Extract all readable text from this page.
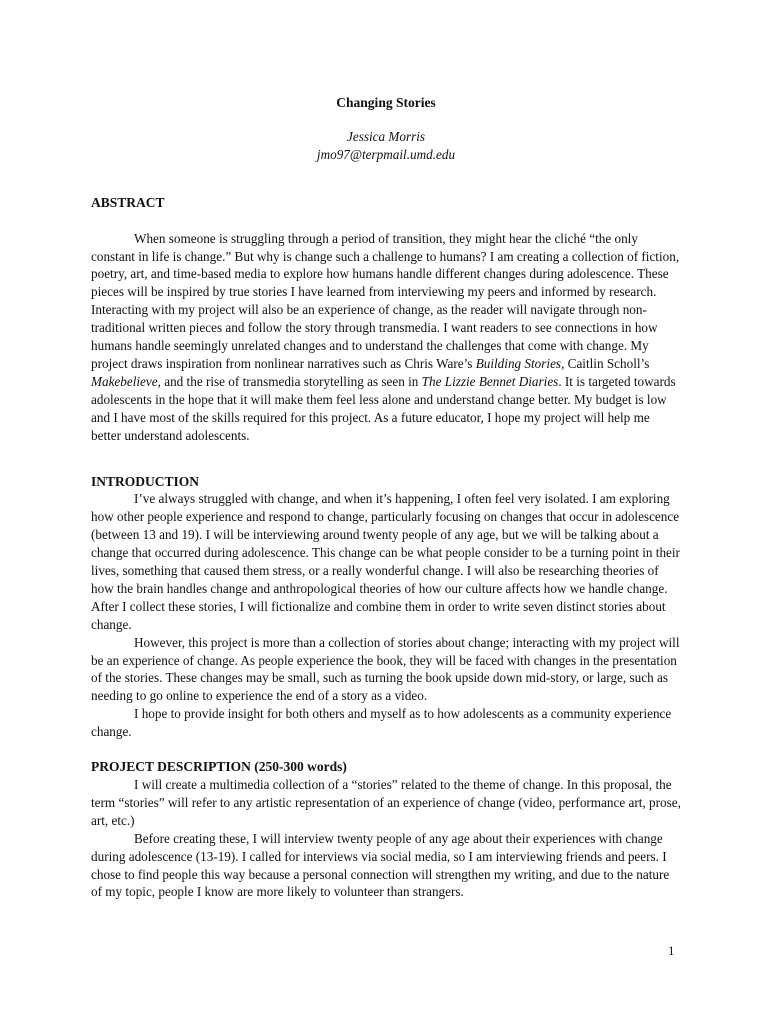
Changing Stories

Jessica Morris

jmo97@terpmail.umd.edu

ABSTRACT

When someone is struggling through a period of transition, they might hear the cliché “the only constant in life is change.” But why is change such a challenge to humans? I am creating a collection of fiction, poetry, art, and time-based media to explore how humans handle different changes during adolescence. These pieces will be inspired by true stories I have learned from interviewing my peers and informed by research. Interacting with my project will also be an experience of change, as the reader will navigate through non-traditional written pieces and follow the story through transmedia. I want readers to see connections in how humans handle seemingly unrelated changes and to understand the challenges that come with change. My project draws inspiration from nonlinear narratives such as Chris Ware’s Building Stories, Caitlin Scholl’s Makebelieve, and the rise of transmedia storytelling as seen in The Lizzie Bennet Diaries. It is targeted towards adolescents in the hope that it will make them feel less alone and understand change better. My budget is low and I have most of the skills required for this project. As a future educator, I hope my project will help me better understand adolescents.

INTRODUCTION

I’ve always struggled with change, and when it’s happening, I often feel very isolated. I am exploring how other people experience and respond to change, particularly focusing on changes that occur in adolescence (between 13 and 19). I will be interviewing around twenty people of any age, but we will be talking about a change that occurred during adolescence. This change can be what people consider to be a turning point in their lives, something that caused them stress, or a really wonderful change. I will also be researching theories of how the brain handles change and anthropological theories of how our culture affects how we handle change. After I collect these stories, I will fictionalize and combine them in order to write seven distinct stories about change.

However, this project is more than a collection of stories about change; interacting with my project will be an experience of change. As people experience the book, they will be faced with changes in the presentation of the stories. These changes may be small, such as turning the book upside down mid-story, or large, such as needing to go online to experience the end of a story as a video.

I hope to provide insight for both others and myself as to how adolescents as a community experience change.

PROJECT DESCRIPTION (250-300 words)

I will create a multimedia collection of a “stories” related to the theme of change. In this proposal, the term “stories” will refer to any artistic representation of an experience of change (video, performance art, prose, art, etc.)

Before creating these, I will interview twenty people of any age about their experiences with change during adolescence (13-19). I called for interviews via social media, so I am interviewing friends and peers. I chose to find people this way because a personal connection will strengthen my writing, and due to the nature of my topic, people I know are more likely to volunteer than strangers.

1
